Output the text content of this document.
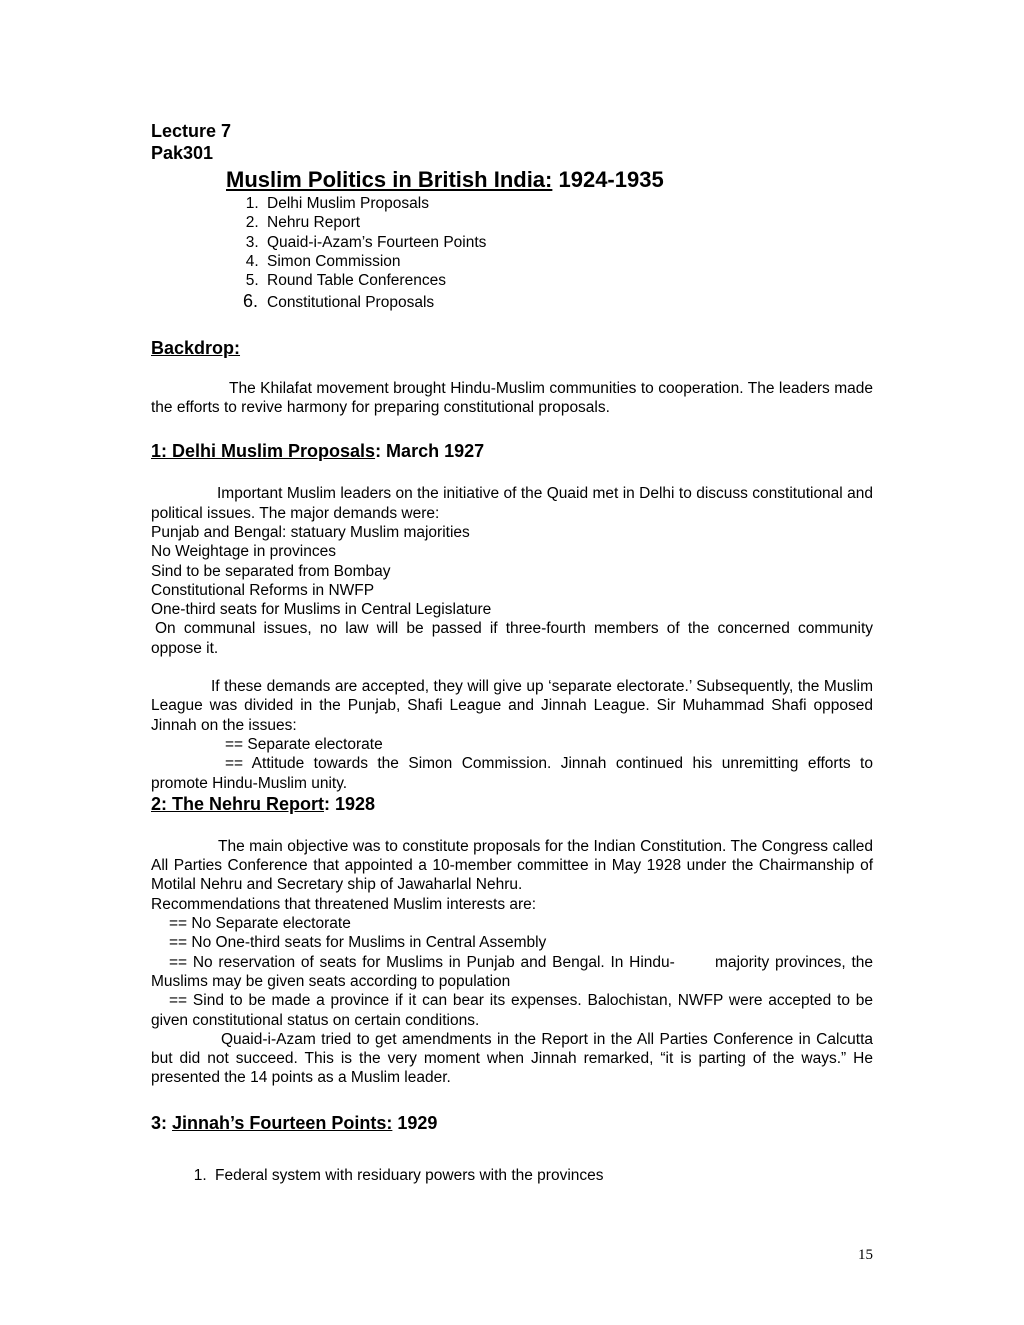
Lecture 7
Pak301
Muslim Politics in British India: 1924-1935
1. Delhi Muslim Proposals
2. Nehru Report
3. Quaid-i-Azam’s Fourteen Points
4. Simon Commission
5. Round Table Conferences
6. Constitutional Proposals
Backdrop:

The Khilafat movement brought Hindu-Muslim communities to cooperation. The leaders made the efforts to revive harmony for preparing constitutional proposals.

1: Delhi Muslim Proposals: March 1927

Important Muslim leaders on the initiative of the Quaid met in Delhi to discuss constitutional and political issues. The major demands were:

Punjab and Bengal: statuary Muslim majorities

No Weightage in provinces

Sind to be separated from Bombay

Constitutional Reforms in NWFP

One-third seats for Muslims in Central Legislature

On communal issues, no law will be passed if three-fourth members of the concerned community oppose it.

If these demands are accepted, they will give up ‘separate electorate.’ Subsequently, the Muslim League was divided in the Punjab, Shafi League and Jinnah League. Sir Muhammad Shafi opposed Jinnah on the issues:

== Separate electorate

== Attitude towards the Simon Commission. Jinnah continued his unremitting efforts to promote Hindu-Muslim unity.

2: The Nehru Report: 1928

The main objective was to constitute proposals for the Indian Constitution. The Congress called All Parties Conference that appointed a 10-member committee in May 1928 under the Chairmanship of Motilal Nehru and Secretary ship of Jawaharlal Nehru.

Recommendations that threatened Muslim interests are:

== No Separate electorate

== No One-third seats for Muslims in Central Assembly

== No reservation of seats for Muslims in Punjab and Bengal. In Hindu-       majority provinces, the Muslims may be given seats according to population

== Sind to be made a province if it can bear its expenses. Balochistan, NWFP were accepted to be given constitutional status on certain conditions.

Quaid-i-Azam tried to get amendments in the Report in the All Parties Conference in Calcutta but did not succeed. This is the very moment when Jinnah remarked, “it is parting of the ways.” He presented the 14 points as a Muslim leader.

3: Jinnah’s Fourteen Points: 1929
1. Federal system with residuary powers with the provinces
15
